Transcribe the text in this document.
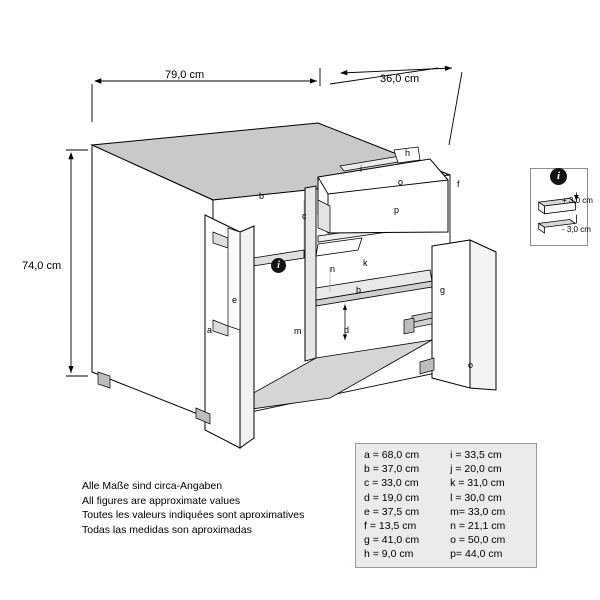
79,0 cm	36,0 cm
74,0 cm
a
e
b
c
m
n
k
b
d
h
i
o	f
p
g
o
i
i
+ 3,0 cm
- 3,0 cm
Alle Maße sind circa-Angaben
All figures are approximate values
Toutes les valeurs indiquées sont aproximatives
Todas las medidas son aproximadas
a = 68,0 cm	i = 33,5 cm
b = 37,0 cm	j = 20,0 cm
c = 33,0 cm	k = 31,0 cm
d = 19,0 cm	l = 30,0 cm
e = 37,5 cm	m= 33,0 cm
f = 13,5 cm	n = 21,1 cm
g = 41,0 cm	o = 50,0 cm
h = 9,0 cm	p= 44,0 cm
